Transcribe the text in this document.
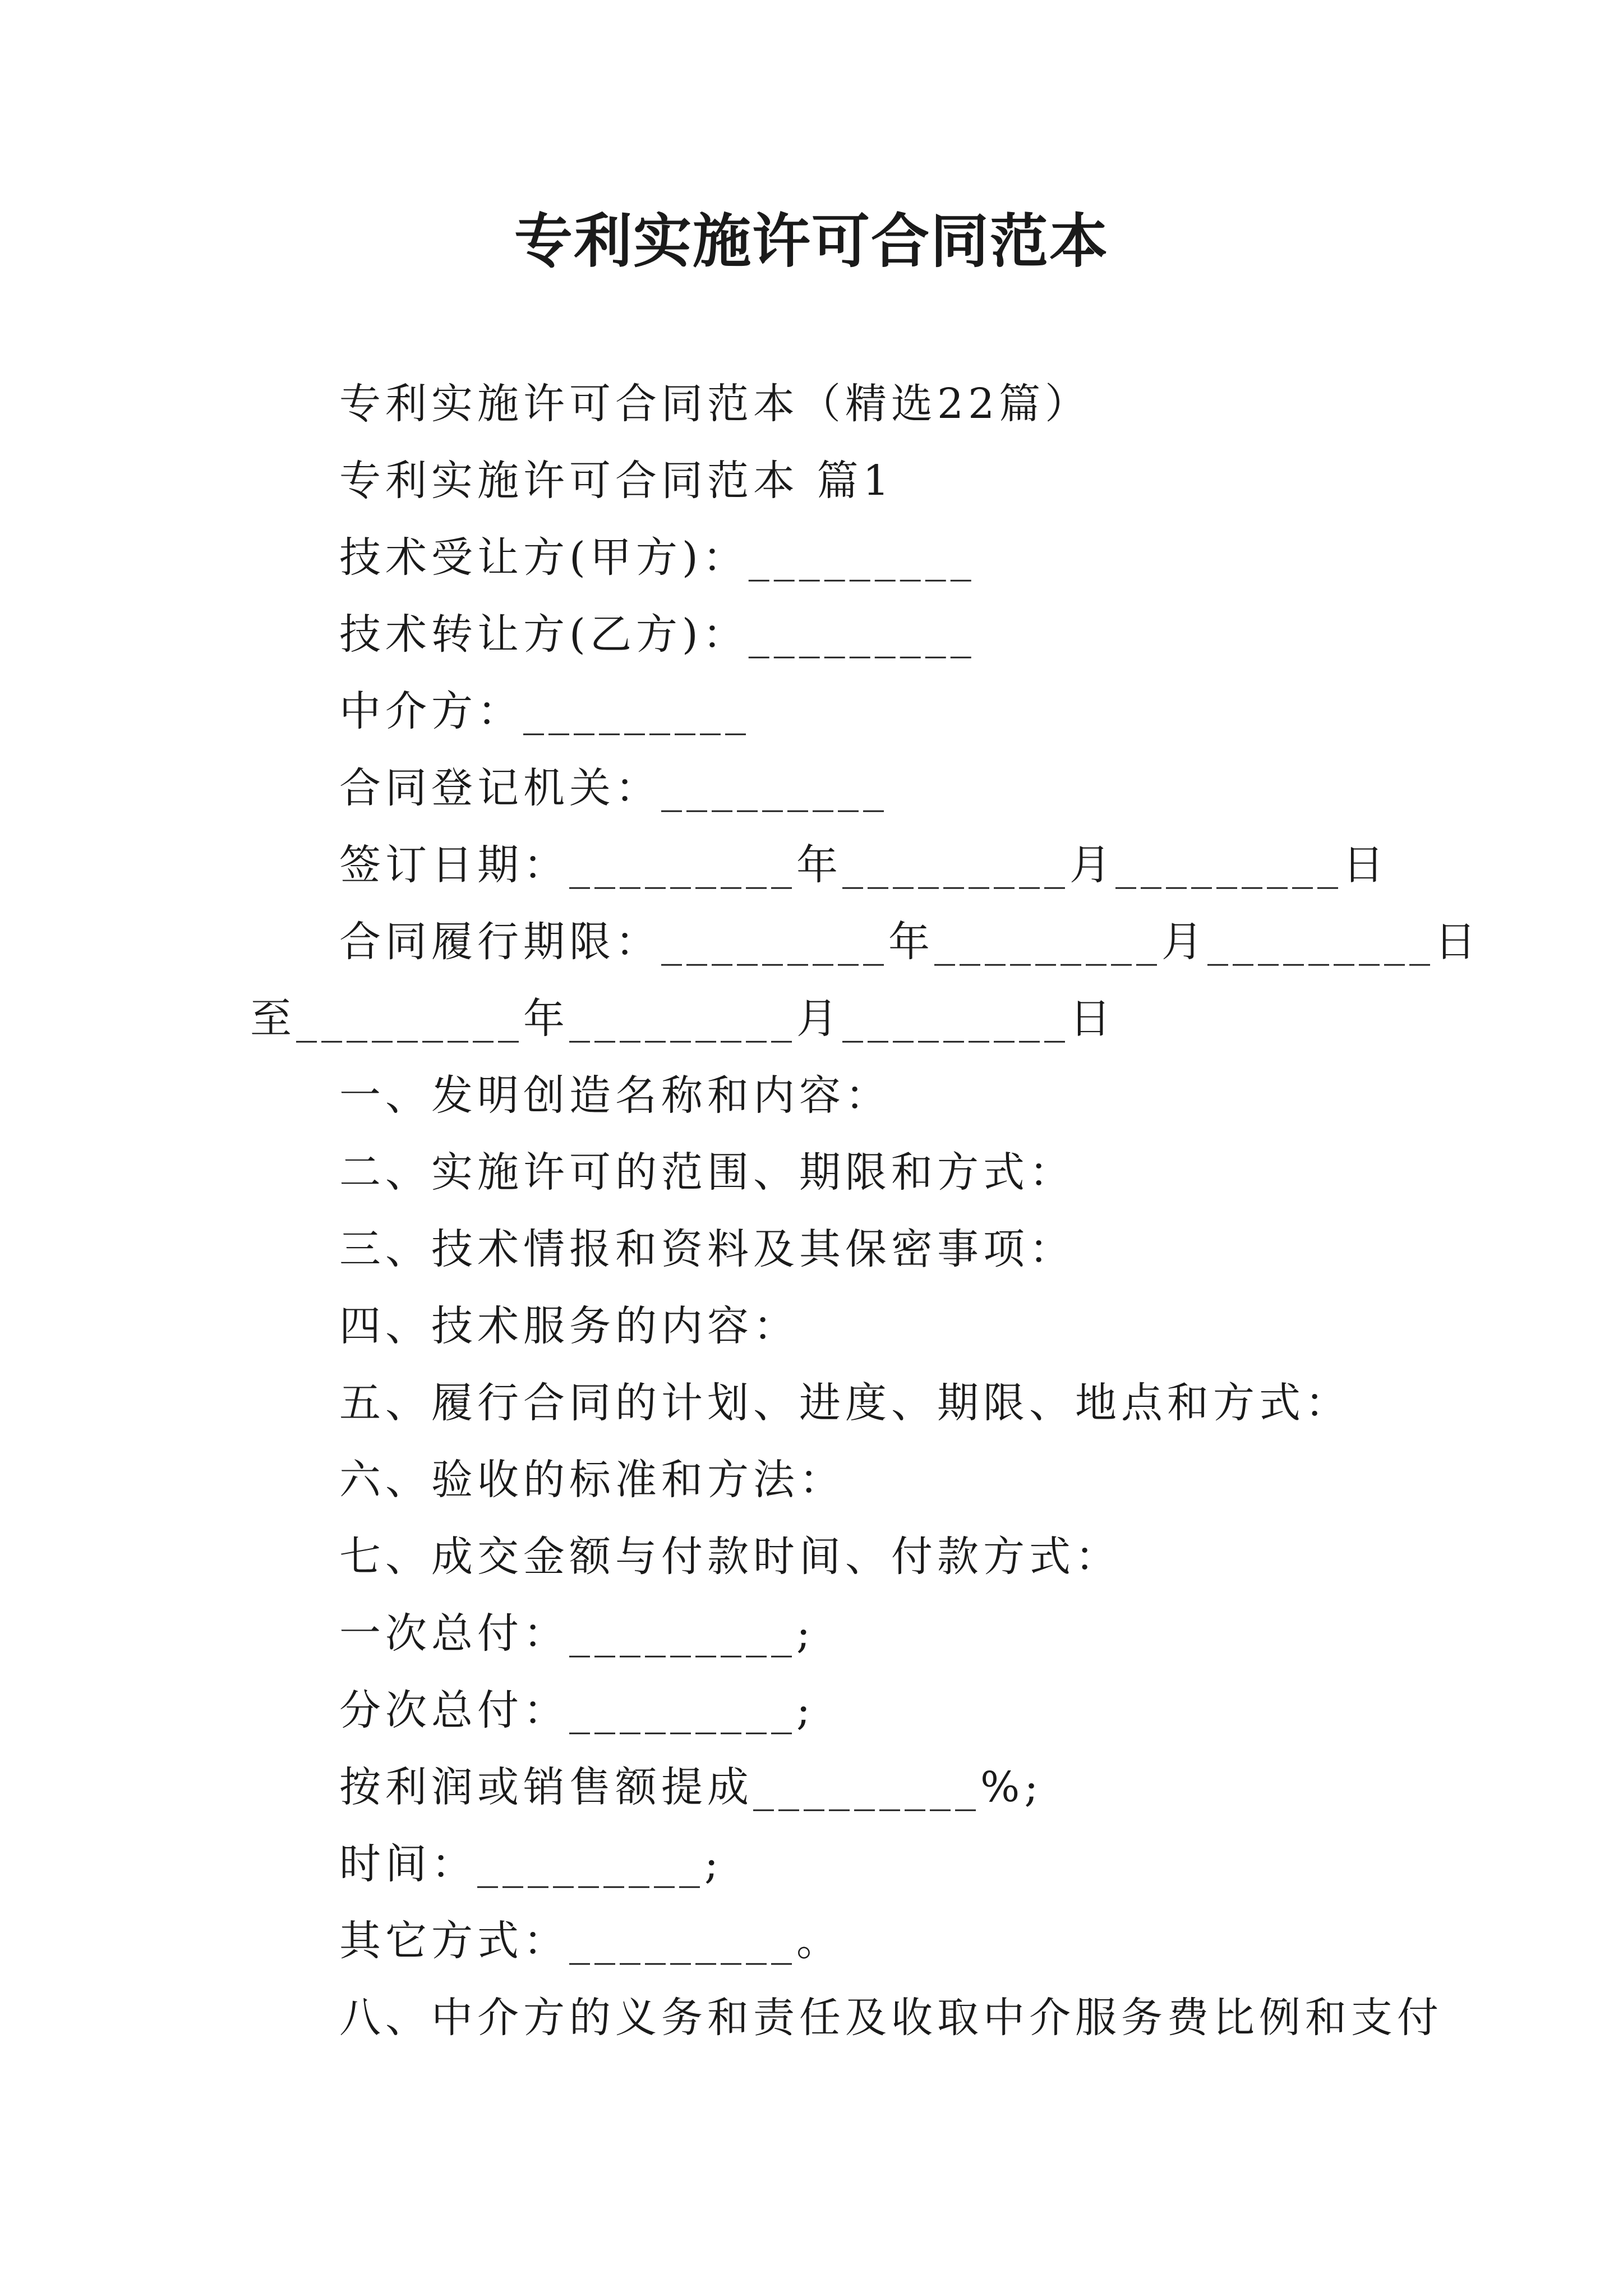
专利实施许可合同范本
专利实施许可合同范本（精选22篇）
专利实施许可合同范本 篇1
技术受让方(甲方)：_________
技术转让方(乙方)：_________
中介方：_________
合同登记机关：_________
签订日期：_________年_________月_________日
合同履行期限：_________年_________月_________日
至_________年_________月_________日
一、发明创造名称和内容：
二、实施许可的范围、期限和方式：
三、技术情报和资料及其保密事项：
四、技术服务的内容：
五、履行合同的计划、进度、期限、地点和方式：
六、验收的标准和方法：
七、成交金额与付款时间、付款方式：
一次总付：_________;
分次总付：_________;
按利润或销售额提成_________%;
时间：_________;
其它方式：_________。
八、中介方的义务和责任及收取中介服务费比例和支付
